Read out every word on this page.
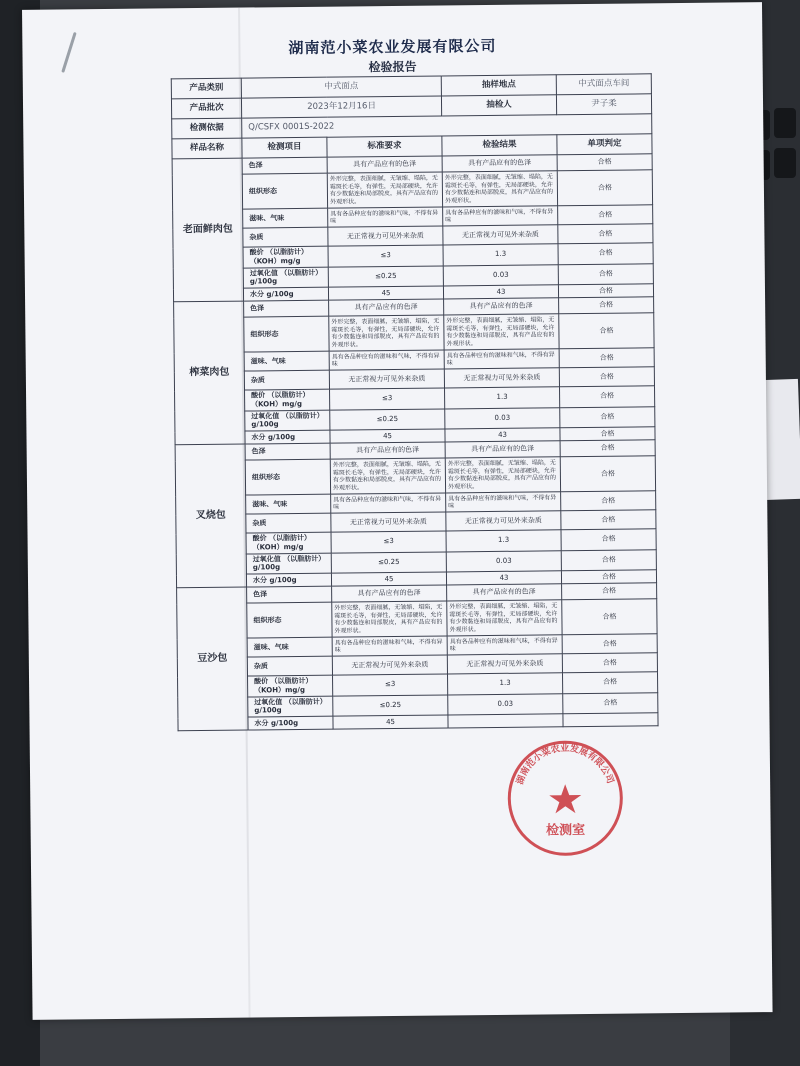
湖南范小菜农业发展有限公司
检验报告
产品类别	中式面点		抽样地点	中式面点车间
产品批次	2023年12月16日		抽检人	尹子柔
检测依据	Q/CSFX 0001S-2022			
样品名称	检测项目	标准要求	检验结果	单项判定
老面鲜肉包	色泽	具有产品应有的色泽	具有产品应有的色泽	合格
	组织形态	外形完整，表面细腻，无皱缩、塌陷，无霉斑长毛等，有弹性，无局部硬块，允许有少数黏连和局部脱皮，具有产品应有的外观形状。	外形完整，表面细腻，无皱缩、塌陷，无霉斑长毛等，有弹性，无局部硬块，允许有少数黏连和局部脱皮，具有产品应有的外观形状。	合格
	滋味、气味	具有各品种应有的滋味和气味，不得有异味	具有各品种应有的滋味和气味，不得有异味	合格
	杂质	无正常视力可见外来杂质	无正常视力可见外来杂质	合格
	酸价 （以脂肪计）（KOH）mg/g	≤3	1.3	合格
	过氧化值 （以脂肪计）g/100g	≤0.25	0.03	合格
	水分 g/100g	45	43	合格
榨菜肉包	色泽	具有产品应有的色泽	具有产品应有的色泽	合格
	组织形态	外形完整，表面细腻，无皱缩、塌陷，无霉斑长毛等，有弹性，无局部硬块，允许有少数黏连和局部脱皮，具有产品应有的外观形状。	外形完整，表面细腻，无皱缩、塌陷，无霉斑长毛等，有弹性，无局部硬块，允许有少数黏连和局部脱皮，具有产品应有的外观形状。	合格
	滋味、气味	具有各品种应有的滋味和气味，不得有异味	具有各品种应有的滋味和气味，不得有异味	合格
	杂质	无正常视力可见外来杂质	无正常视力可见外来杂质	合格
	酸价 （以脂肪计）（KOH）mg/g	≤3	1.3	合格
	过氧化值 （以脂肪计）g/100g	≤0.25	0.03	合格
	水分 g/100g	45	43	合格
叉烧包	色泽	具有产品应有的色泽	具有产品应有的色泽	合格
	组织形态	外形完整，表面细腻，无皱缩、塌陷，无霉斑长毛等，有弹性，无局部硬块，允许有少数黏连和局部脱皮，具有产品应有的外观形状。	外形完整，表面细腻，无皱缩、塌陷，无霉斑长毛等，有弹性，无局部硬块，允许有少数黏连和局部脱皮，具有产品应有的外观形状。	合格
	滋味、气味	具有各品种应有的滋味和气味，不得有异味	具有各品种应有的滋味和气味，不得有异味	合格
	杂质	无正常视力可见外来杂质	无正常视力可见外来杂质	合格
	酸价 （以脂肪计）（KOH）mg/g	≤3	1.3	合格
	过氧化值 （以脂肪计）g/100g	≤0.25	0.03	合格
	水分 g/100g	45	43	合格
豆沙包	色泽	具有产品应有的色泽	具有产品应有的色泽	合格
	组织形态	外形完整，表面细腻，无皱缩、塌陷，无霉斑长毛等，有弹性，无局部硬块，允许有少数黏连和局部脱皮，具有产品应有的外观形状。	外形完整，表面细腻，无皱缩、塌陷，无霉斑长毛等，有弹性，无局部硬块，允许有少数黏连和局部脱皮，具有产品应有的外观形状。	合格
	滋味、气味	具有各品种应有的滋味和气味，不得有异味	具有各品种应有的滋味和气味，不得有异味	合格
	杂质	无正常视力可见外来杂质	无正常视力可见外来杂质	合格
	酸价 （以脂肪计）（KOH）mg/g	≤3	1.3	合格
	过氧化值 （以脂肪计）g/100g	≤0.25	0.03	合格
	水分 g/100g	45		
湖南范小菜农业发展有限公司
检测室
